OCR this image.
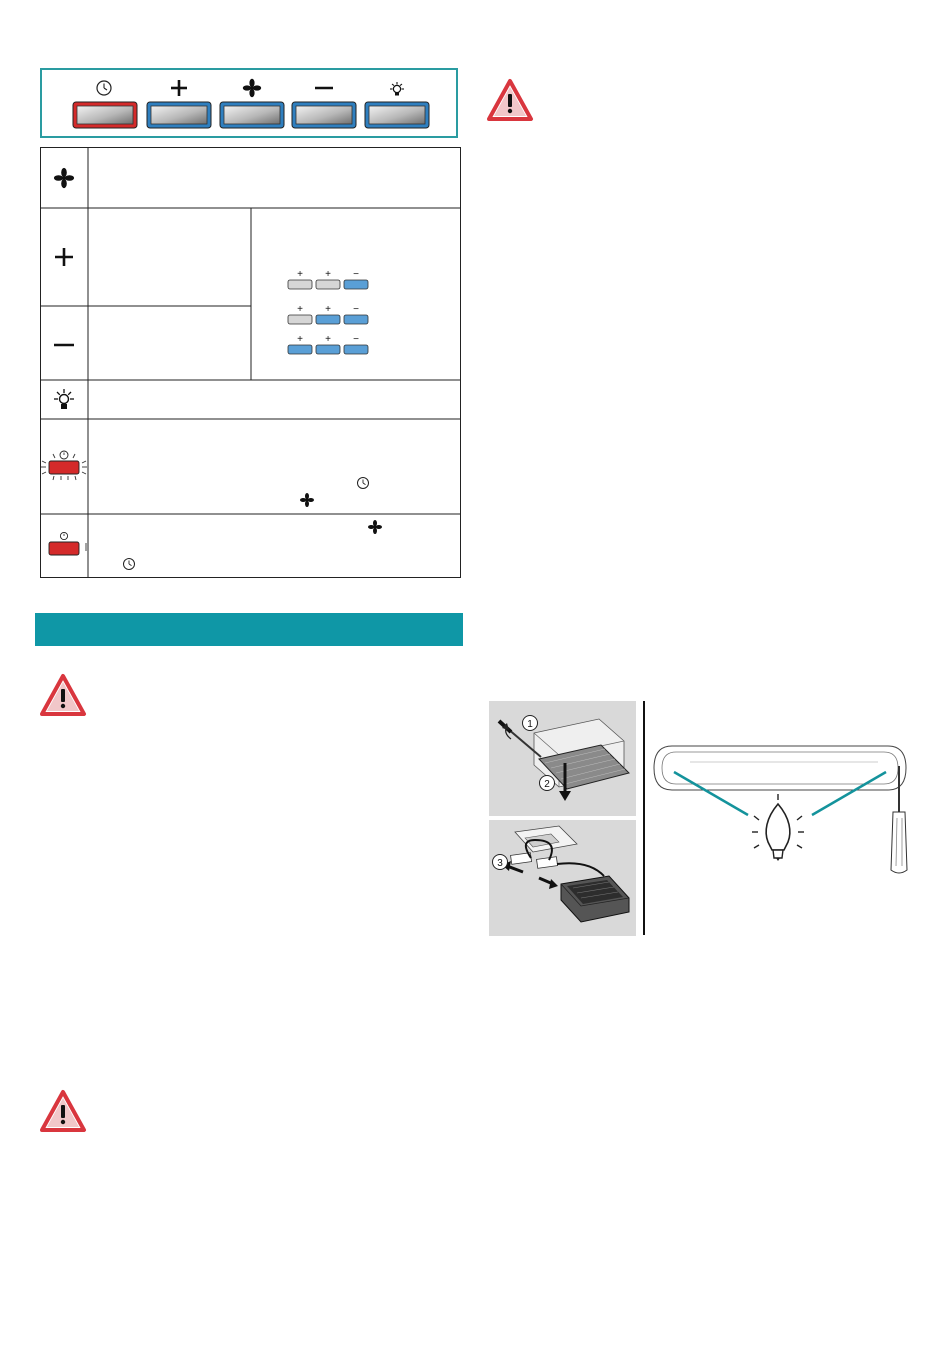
+ + −
+ + −
+ + −
1
2
3
